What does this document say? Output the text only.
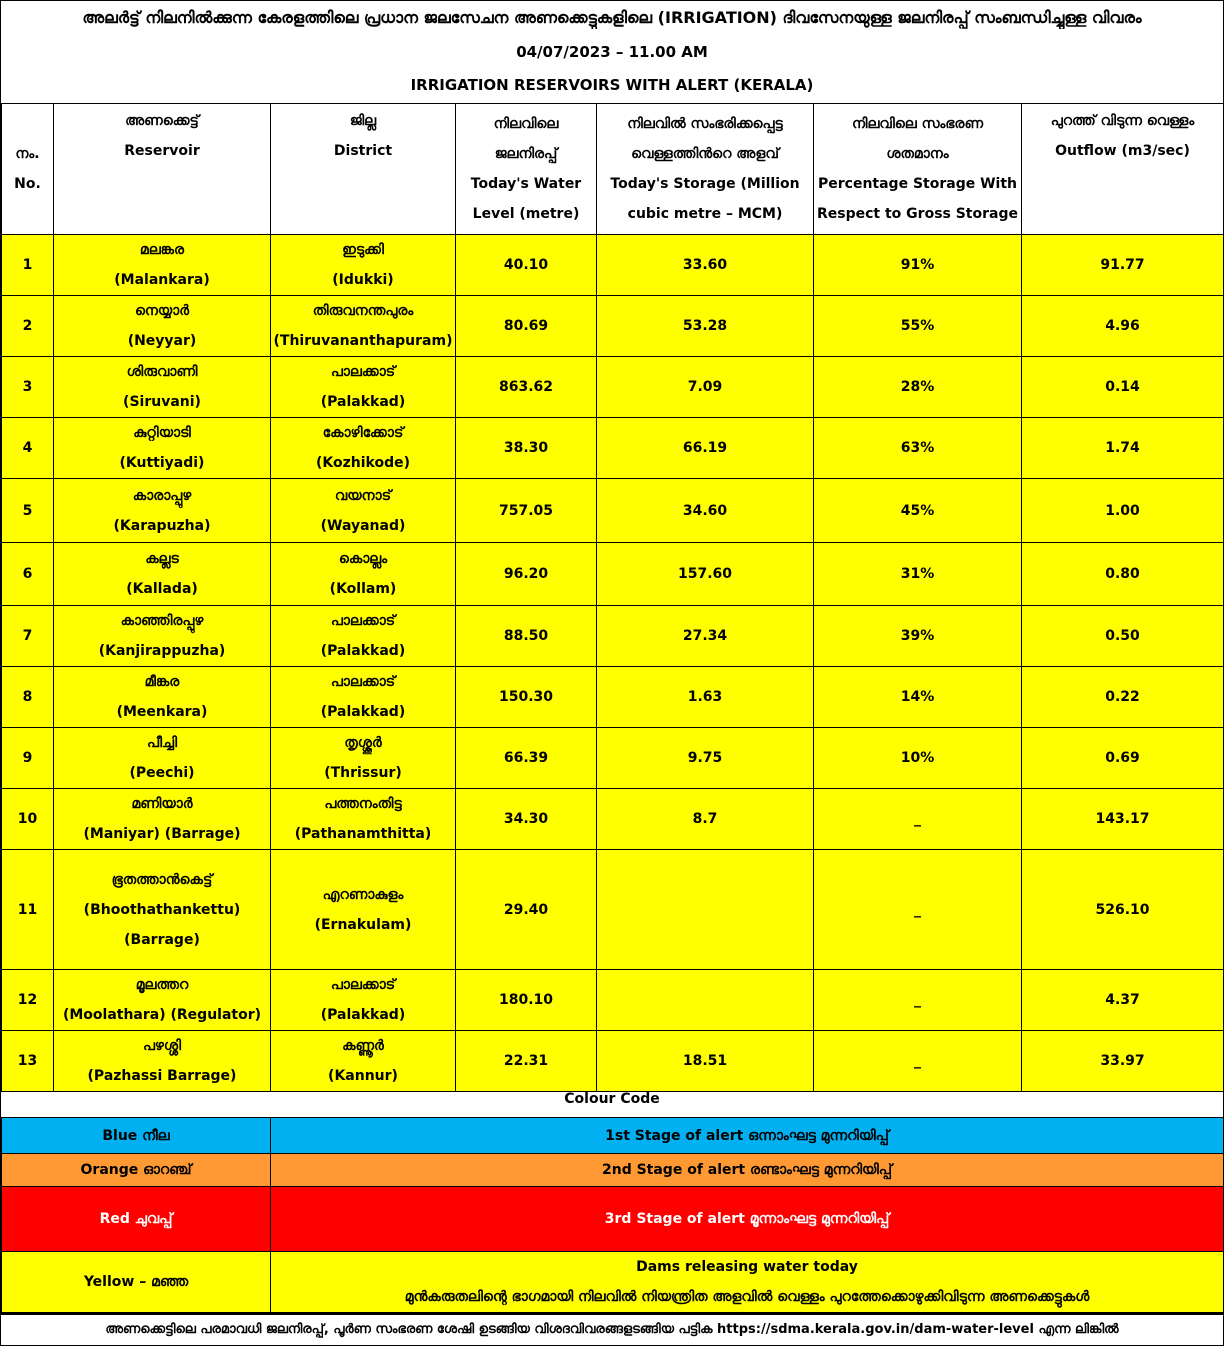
അലർട്ട് നിലനിൽക്കുന്ന കേരളത്തിലെ പ്രധാന ജലസേചന അണക്കെട്ടുകളിലെ (IRRIGATION) ദിവസേനയുള്ള ജലനിരപ്പ് സംബന്ധിച്ചുള്ള വിവരം
04/07/2023 – 11.00 AM
IRRIGATION RESERVOIRS WITH ALERT (KERALA)
നം.
No.	അണക്കെട്ട്
Reservoir	ജില്ല
District	നിലവിലെ
ജലനിരപ്പ്
Today's Water
Level (metre)	നിലവിൽ സംഭരിക്കപ്പെട്ട
വെള്ളത്തിൻറെ അളവ്
Today's Storage (Million
cubic metre – MCM)	നിലവിലെ സംഭരണ
ശതമാനം
Percentage Storage With
Respect to Gross Storage	പുറത്ത് വിടുന്ന വെള്ളം
Outflow (m3/sec)

1	മലങ്കര
(Malankara)	ഇടുക്കി
(Idukki)	40.10	33.60	91%	91.77
2	നെയ്യാർ
(Neyyar)	തിരുവനന്തപുരം
(Thiruvananthapuram)	80.69	53.28	55%	4.96
3	ശിരുവാണി
(Siruvani)	പാലക്കാട്
(Palakkad)	863.62	7.09	28%	0.14
4	കുറ്റിയാടി
(Kuttiyadi)	കോഴിക്കോട്
(Kozhikode)	38.30	66.19	63%	1.74
5	കാരാപ്പുഴ
(Karapuzha)	വയനാട്
(Wayanad)	757.05	34.60	45%	1.00
6	കല്ലട
(Kallada)	കൊല്ലം
(Kollam)	96.20	157.60	31%	0.80
7	കാഞ്ഞിരപ്പുഴ
(Kanjirappuzha)	പാലക്കാട്
(Palakkad)	88.50	27.34	39%	0.50
8	മീങ്കര
(Meenkara)	പാലക്കാട്
(Palakkad)	150.30	1.63	14%	0.22
9	പീച്ചി
(Peechi)	തൃശ്ശൂർ
(Thrissur)	66.39	9.75	10%	0.69
10	മണിയാർ
(Maniyar) (Barrage)	പത്തനംതിട്ട
(Pathanamthitta)	34.30	8.7	_	143.17
11	ഭൂതത്താൻകെട്ട്
(Bhoothathankettu)
(Barrage)	എറണാകുളം
(Ernakulam)	29.40		_	526.10
12	മൂലത്തറ
(Moolathara) (Regulator)	പാലക്കാട്
(Palakkad)	180.10		_	4.37
13	പഴശ്ശി
(Pazhassi Barrage)	കണ്ണൂർ
(Kannur)	22.31	18.51	_	33.97
Colour Code
Blue നീല	1st Stage of alert ഒന്നാംഘട്ട മുന്നറിയിപ്പ്
Orange ഓറഞ്ച്	2nd Stage of alert രണ്ടാംഘട്ട മുന്നറിയിപ്പ്
Red ചുവപ്പ്	3rd Stage of alert മൂന്നാംഘട്ട മുന്നറിയിപ്പ്
Yellow – മഞ്ഞ	Dams releasing water today
മുൻകരുതലിന്റെ ഭാഗമായി നിലവിൽ നിയന്ത്രിത അളവിൽ വെള്ളം പുറത്തേക്കൊഴുക്കിവിടുന്ന അണക്കെട്ടുകൾ
അണക്കെട്ടിലെ പരമാവധി ജലനിരപ്പ്, പൂർണ സംഭരണ ശേഷി ഉടങ്ങിയ വിശദവിവരങ്ങളടങ്ങിയ പട്ടിക https://sdma.kerala.gov.in/dam-water-level എന്ന ലിങ്കിൽ
